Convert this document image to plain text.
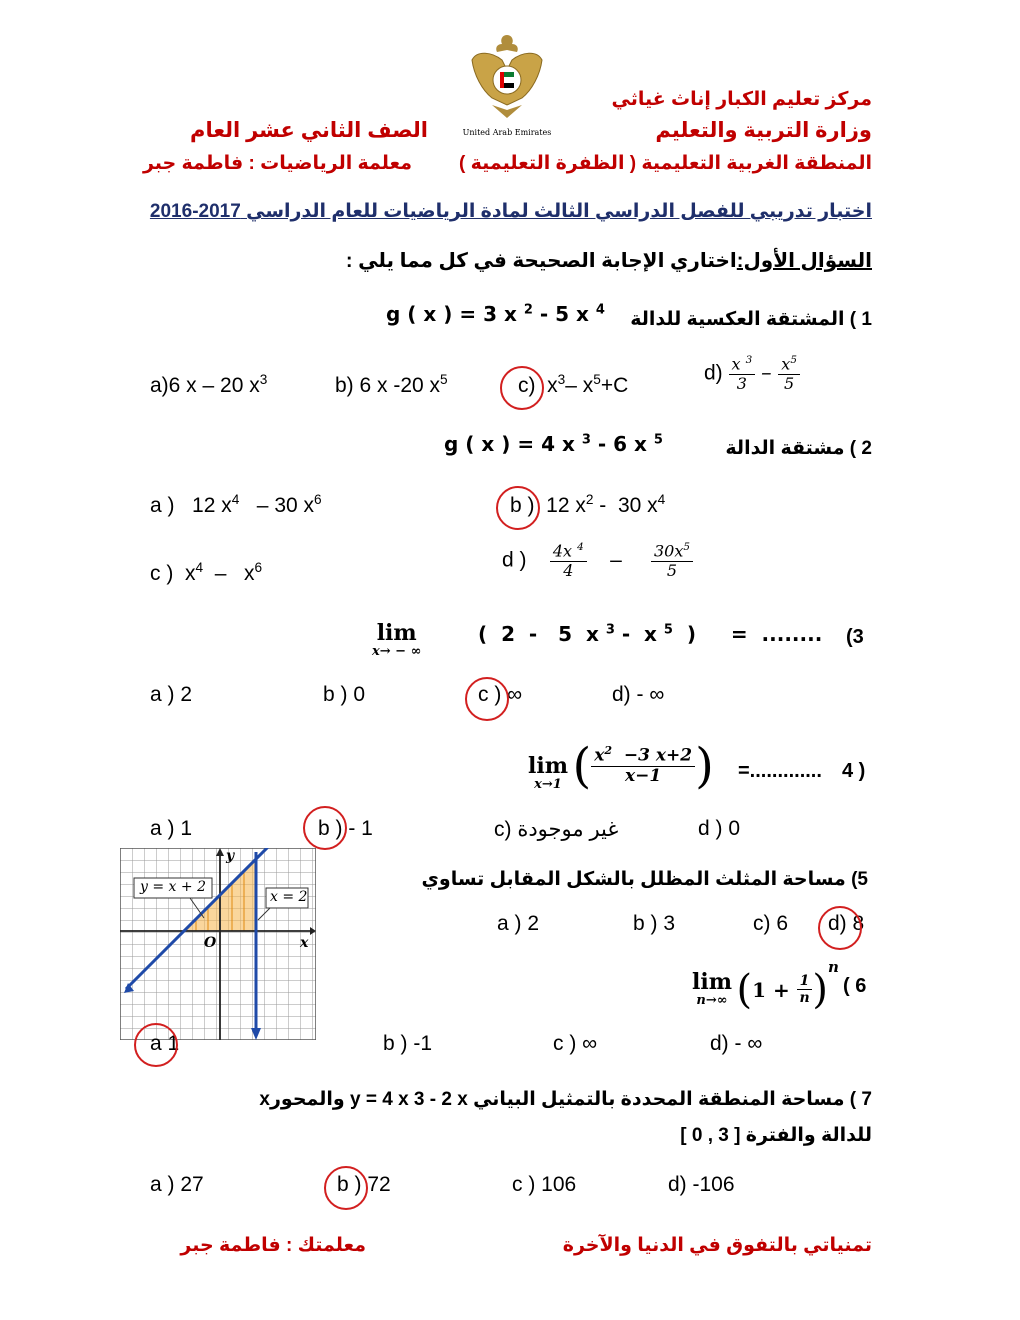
United Arab Emirates
مركز تعليم الكبار إناث غياثي
وزارة التربية والتعليم
الصف الثاني عشر العام
المنطقة الغربية التعليمية ( الظفرة التعليمية )
معلمة الرياضيات : فاطمة جبر
اختبار تدريبي للفصل الدراسي الثالث لمادة الرياضيات للعام الدراسي 2017-2016
السؤال الأول:اختاري الإجابة الصحيحة في كل مما يلي :
1 ) المشتقة العكسية للدالة
g ( x ) = 3 x $^2$ - 5 x $^4$
a)6 x – 20 $x^3$	b) 6 x -20 $x^5$	c)  $x^3-$ $x^5+C$
$d) \frac{x ^3}{3} - \frac{x^5}{5}$
2 ) مشتقة الدالة
g ( x ) = 4 x $^3$ - 6 x $^5$
a )   12 $x^4 - 30$ $x^6$	b )  12 $x^2 - 30$ $x^4$
c )  $x^4 - x^6$	d ) $\frac{4x ^4}{4} - \frac{30x^5}{5}$
lim
x→ − ∞
(  2  -   5  x $^3$ -  x $^5$  )     =  ........ (3
a ) 2	b ) 0	c ) ∞	d) - ∞
lim
x→1 ( $\frac{x^2 -3 x+2}{x-1}$ ) =............. 4 )
a ) 1	b ) - 1	c) غير موجودة	d ) 0
y = x + 2
x = 2
y
x
O
5) مساحة المثلث المظلل بالشكل المقابل تساوي
a ) 2	b ) 3	c) 6 d) 8
lim
n→∞ $(1 + \frac{1}{n} )^n$
( 6
a 1	b ) -1	c ) ∞	d) - ∞
7 ) مساحة المنطقة المحددة بالتمثيل البياني y = 4 x 3 - 2 x والمحورx
للدالة والفترة [ 3 , 0 ]
a ) 27	b ) 72	c ) 106	d) -106
تمنياتي بالتفوق في الدنيا والآخرة
معلمتك : فاطمة جبر
